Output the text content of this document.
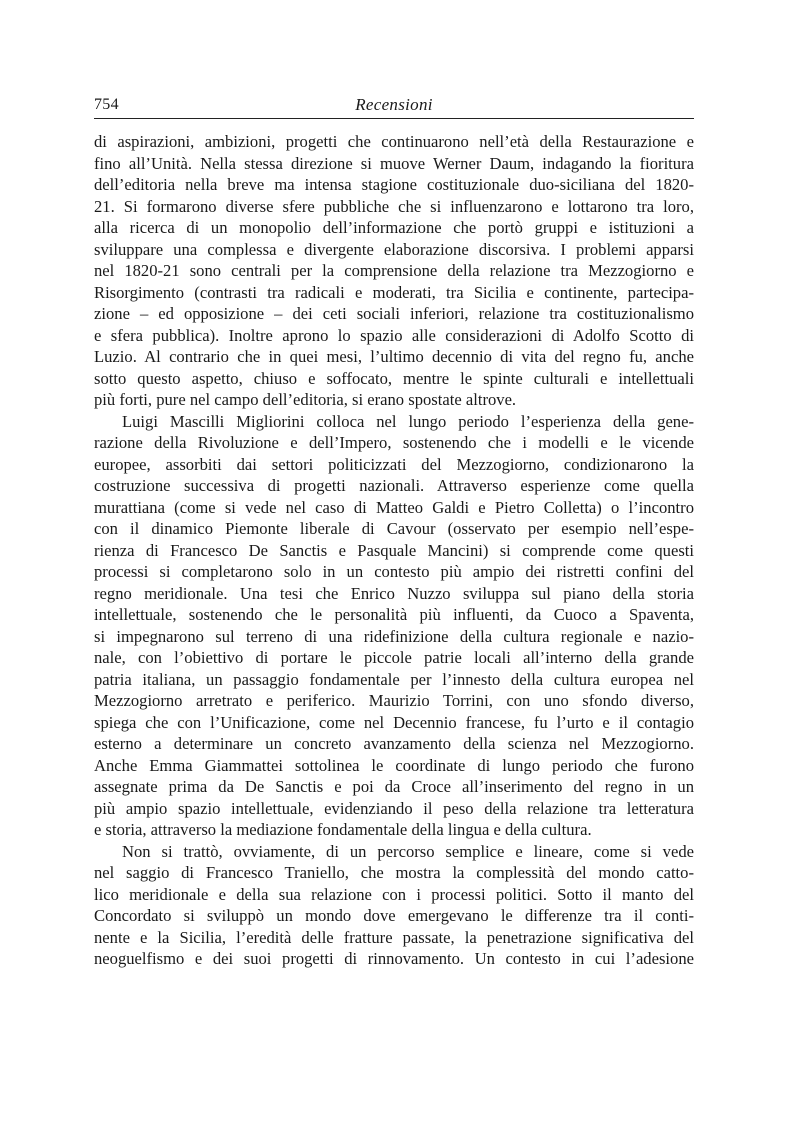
754	Recensioni
di aspirazioni, ambizioni, progetti che continuarono nell’età della Restaurazione e
fino all’Unità. Nella stessa direzione si muove Werner Daum, indagando la fioritura
dell’editoria nella breve ma intensa stagione costituzionale duo-siciliana del 1820-
21. Si formarono diverse sfere pubbliche che si influenzarono e lottarono tra loro,
alla ricerca di un monopolio dell’informazione che portò gruppi e istituzioni a
sviluppare una complessa e divergente elaborazione discorsiva. I problemi apparsi
nel 1820-21 sono centrali per la comprensione della relazione tra Mezzogiorno e
Risorgimento (contrasti tra radicali e moderati, tra Sicilia e continente, partecipa-
zione – ed opposizione – dei ceti sociali inferiori, relazione tra costituzionalismo
e sfera pubblica). Inoltre aprono lo spazio alle considerazioni di Adolfo Scotto di
Luzio. Al contrario che in quei mesi, l’ultimo decennio di vita del regno fu, anche
sotto questo aspetto, chiuso e soffocato, mentre le spinte culturali e intellettuali
più forti, pure nel campo dell’editoria, si erano spostate altrove.
Luigi Mascilli Migliorini colloca nel lungo periodo l’esperienza della gene-
razione della Rivoluzione e dell’Impero, sostenendo che i modelli e le vicende
europee, assorbiti dai settori politicizzati del Mezzogiorno, condizionarono la
costruzione successiva di progetti nazionali. Attraverso esperienze come quella
murattiana (come si vede nel caso di Matteo Galdi e Pietro Colletta) o l’incontro
con il dinamico Piemonte liberale di Cavour (osservato per esempio nell’espe-
rienza di Francesco De Sanctis e Pasquale Mancini) si comprende come questi
processi si completarono solo in un contesto più ampio dei ristretti confini del
regno meridionale. Una tesi che Enrico Nuzzo sviluppa sul piano della storia
intellettuale, sostenendo che le personalità più influenti, da Cuoco a Spaventa,
si impegnarono sul terreno di una ridefinizione della cultura regionale e nazio-
nale, con l’obiettivo di portare le piccole patrie locali all’interno della grande
patria italiana, un passaggio fondamentale per l’innesto della cultura europea nel
Mezzogiorno arretrato e periferico. Maurizio Torrini, con uno sfondo diverso,
spiega che con l’Unificazione, come nel Decennio francese, fu l’urto e il contagio
esterno a determinare un concreto avanzamento della scienza nel Mezzogiorno.
Anche Emma Giammattei sottolinea le coordinate di lungo periodo che furono
assegnate prima da De Sanctis e poi da Croce all’inserimento del regno in un
più ampio spazio intellettuale, evidenziando il peso della relazione tra letteratura
e storia, attraverso la mediazione fondamentale della lingua e della cultura.
Non si trattò, ovviamente, di un percorso semplice e lineare, come si vede
nel saggio di Francesco Traniello, che mostra la complessità del mondo catto-
lico meridionale e della sua relazione con i processi politici. Sotto il manto del
Concordato si sviluppò un mondo dove emergevano le differenze tra il conti-
nente e la Sicilia, l’eredità delle fratture passate, la penetrazione significativa del
neoguelfismo e dei suoi progetti di rinnovamento. Un contesto in cui l’adesione
